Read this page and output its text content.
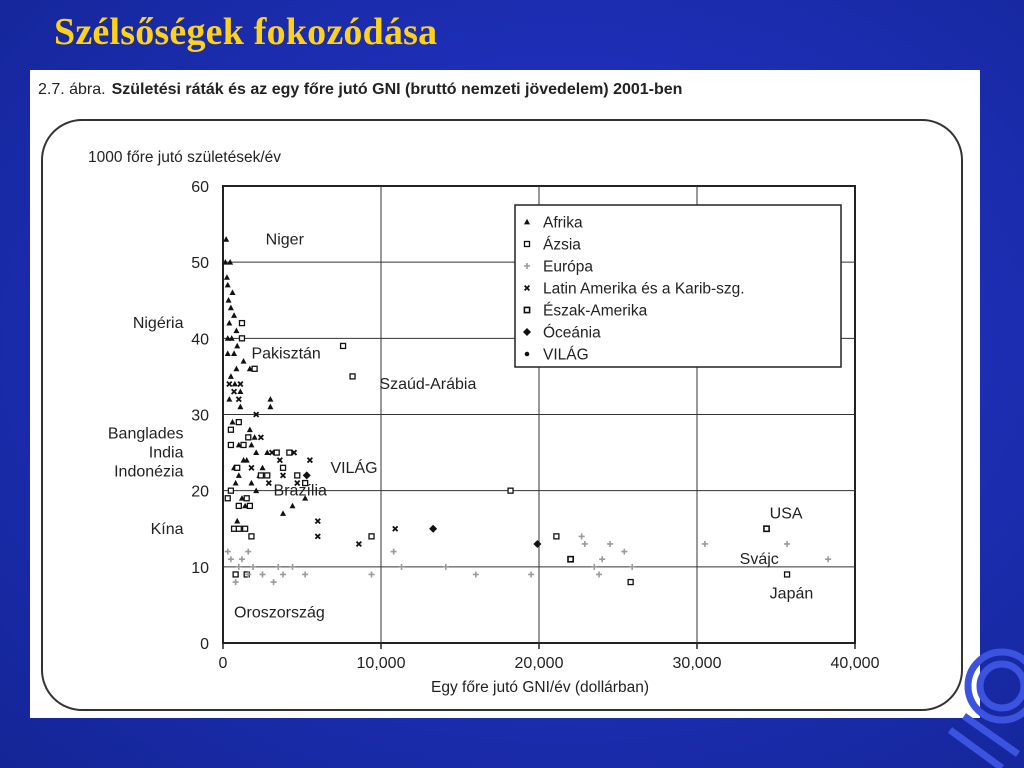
Szélsőségek fokozódása
2.7. ábra. Születési ráták és az egy főre jutó GNI (bruttó nemzeti jövedelem) 2001-ben
1000 főre jutó születések/év
Egy főre jutó GNI/év (dollárban)
0
10
20
30
40
50
60
0	10,000	20,000	30,000	40,000
Niger
Nigéria
Pakisztán
Szaúd-Arábia
Banglades
India
Indonézia	VILÁG
Brazília
Kína
USA
Svájc
Japán
Oroszország
Afrika
Ázsia
Európa
Latin Amerika és a Karib-szg.
Észak-Amerika
Óceánia
VILÁG
